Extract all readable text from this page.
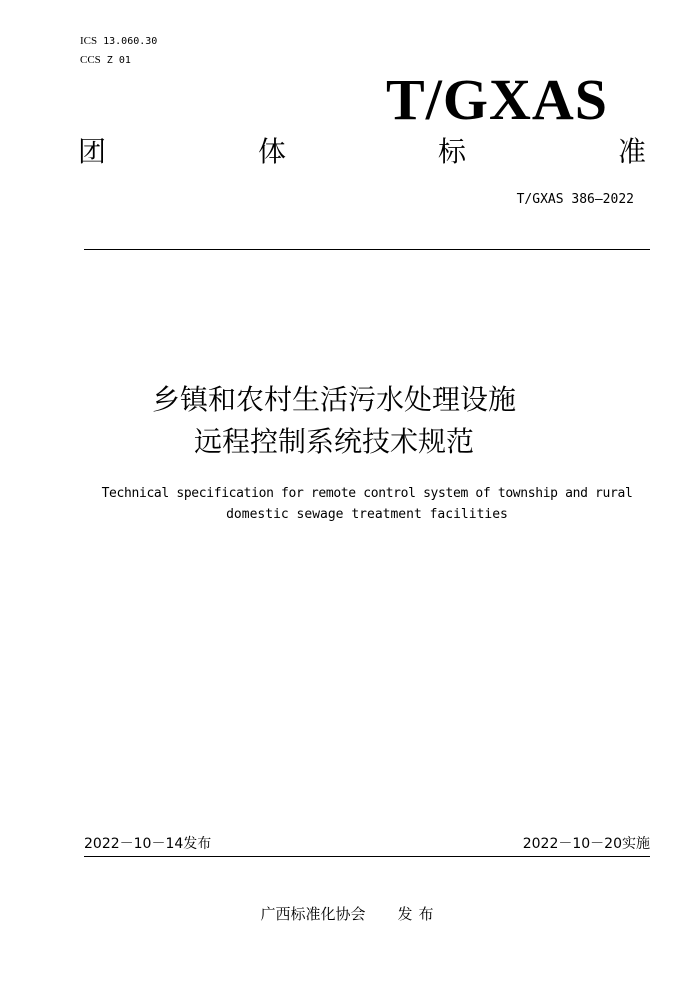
ICS 13.060.30
CCS Z 01
T/GXAS
团	体	标	准
T/GXAS 386—2022
乡镇和农村生活污水处理设施
远程控制系统技术规范
Technical specification for remote control system of township and rural
domestic sewage treatment facilities
2022－10－14发布	2022－10－20实施
广西标准化协会 发布
